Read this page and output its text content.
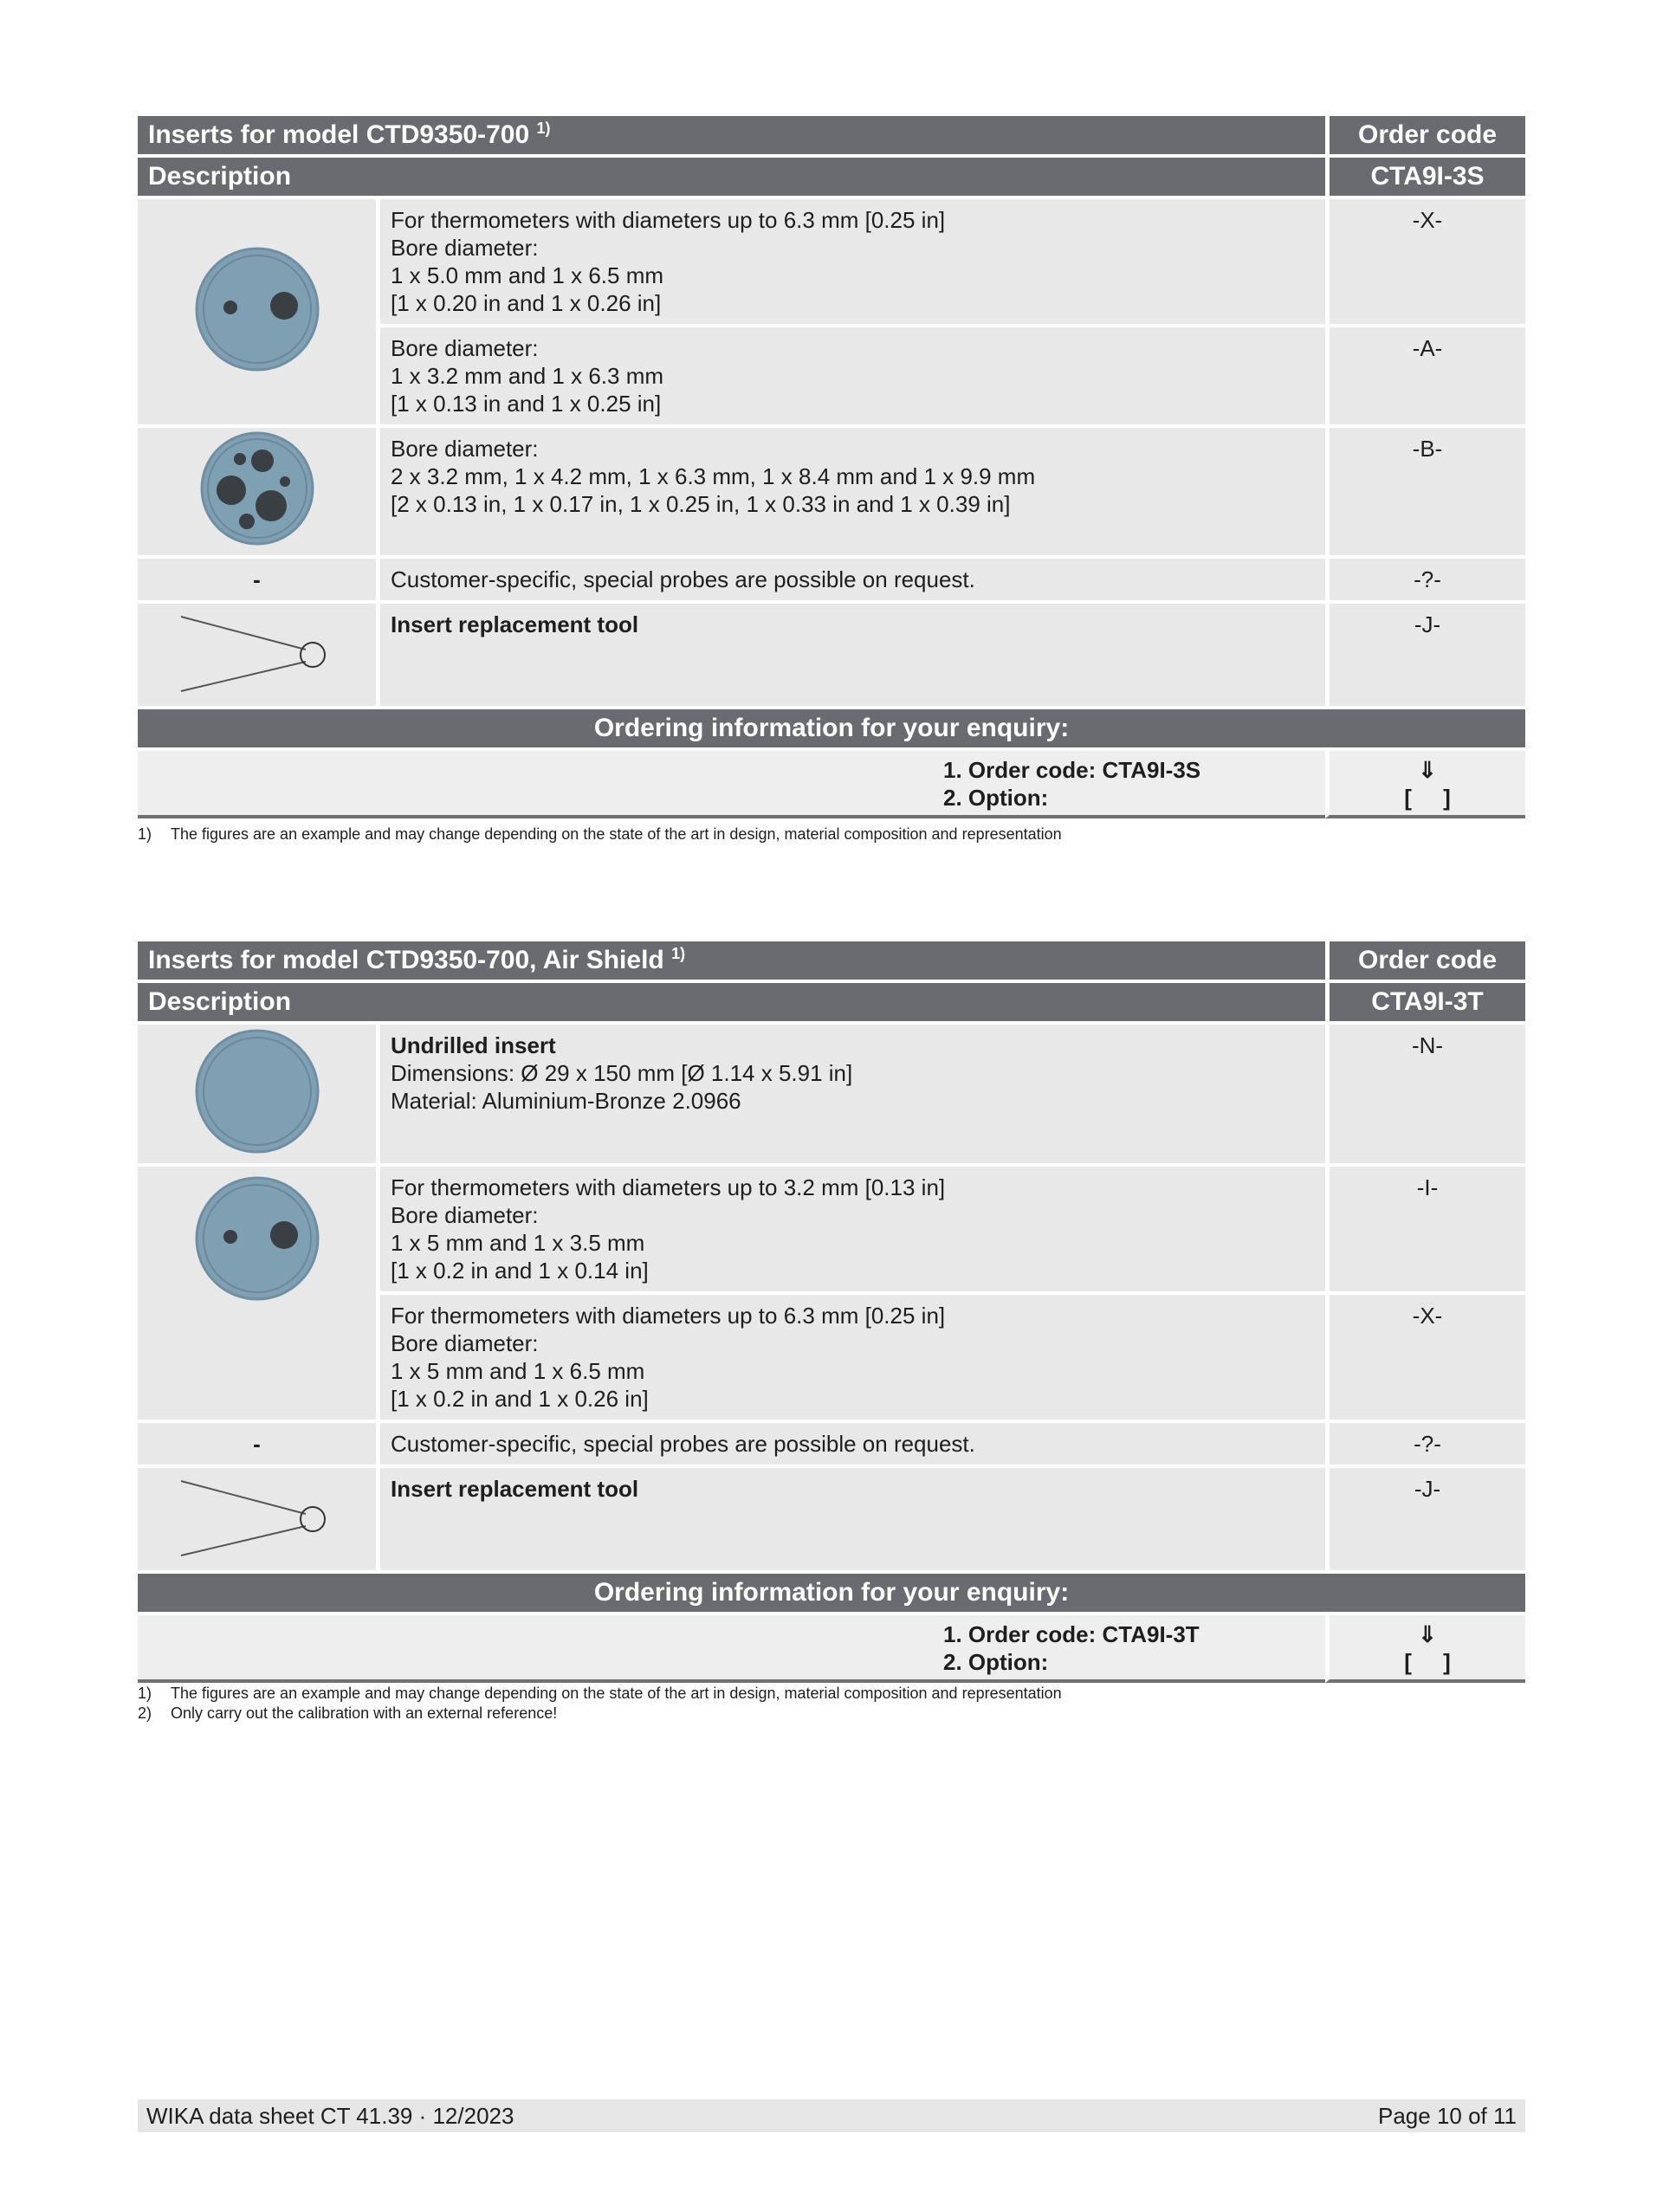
Inserts for model CTD9350-700 $^{1)}$		Order code
Description		CTA9I-3S

For thermometers with diameters up to 6.3 mm [0.25 in]
Bore diameter:
1 x 5.0 mm and 1 x 6.5 mm
[1 x 0.20 in and 1 x 0.26 in]	-X-

	Bore diameter:
1 x 3.2 mm and 1 x 6.3 mm
[1 x 0.13 in and 1 x 0.25 in]	-A-

Bore diameter:
2 x 3.2 mm, 1 x 4.2 mm, 1 x 6.3 mm, 1 x 8.4 mm and 1 x 9.9 mm
[2 x 0.13 in, 1 x 0.17 in, 1 x 0.25 in, 1 x 0.33 in and 1 x 0.39 in]	-B-
-	Customer-specific, special probes are possible on request.	-?-

Insert replacement tool	-J-
Ordering information for your enquiry:		

1. Order code: CTA9I-3S
2. Option:		⇓
[     ]
1)	The figures are an example and may change depending on the state of the art in design, material composition and representation
Inserts for model CTD9350-700, Air Shield $^{1)}$		Order code
Description		CTA9I-3T

Undrilled insert
Dimensions: Ø 29 x 150 mm [Ø 1.14 x 5.91 in]
Material: Aluminium-Bronze 2.0966	-N-

For thermometers with diameters up to 3.2 mm [0.13 in]
Bore diameter:
1 x 5 mm and 1 x 3.5 mm
[1 x 0.2 in and 1 x 0.14 in]	-I-

	For thermometers with diameters up to 6.3 mm [0.25 in]
Bore diameter:
1 x 5 mm and 1 x 6.5 mm
[1 x 0.2 in and 1 x 0.26 in]	-X-
-	Customer-specific, special probes are possible on request.	-?-

Insert replacement tool	-J-
Ordering information for your enquiry:		

1. Order code: CTA9I-3T
2. Option:		⇓
[     ]
1)	The figures are an example and may change depending on the state of the art in design, material composition and representation
2)	Only carry out the calibration with an external reference!
WIKA data sheet CT 41.39 · 12/2023	Page 10 of 11
